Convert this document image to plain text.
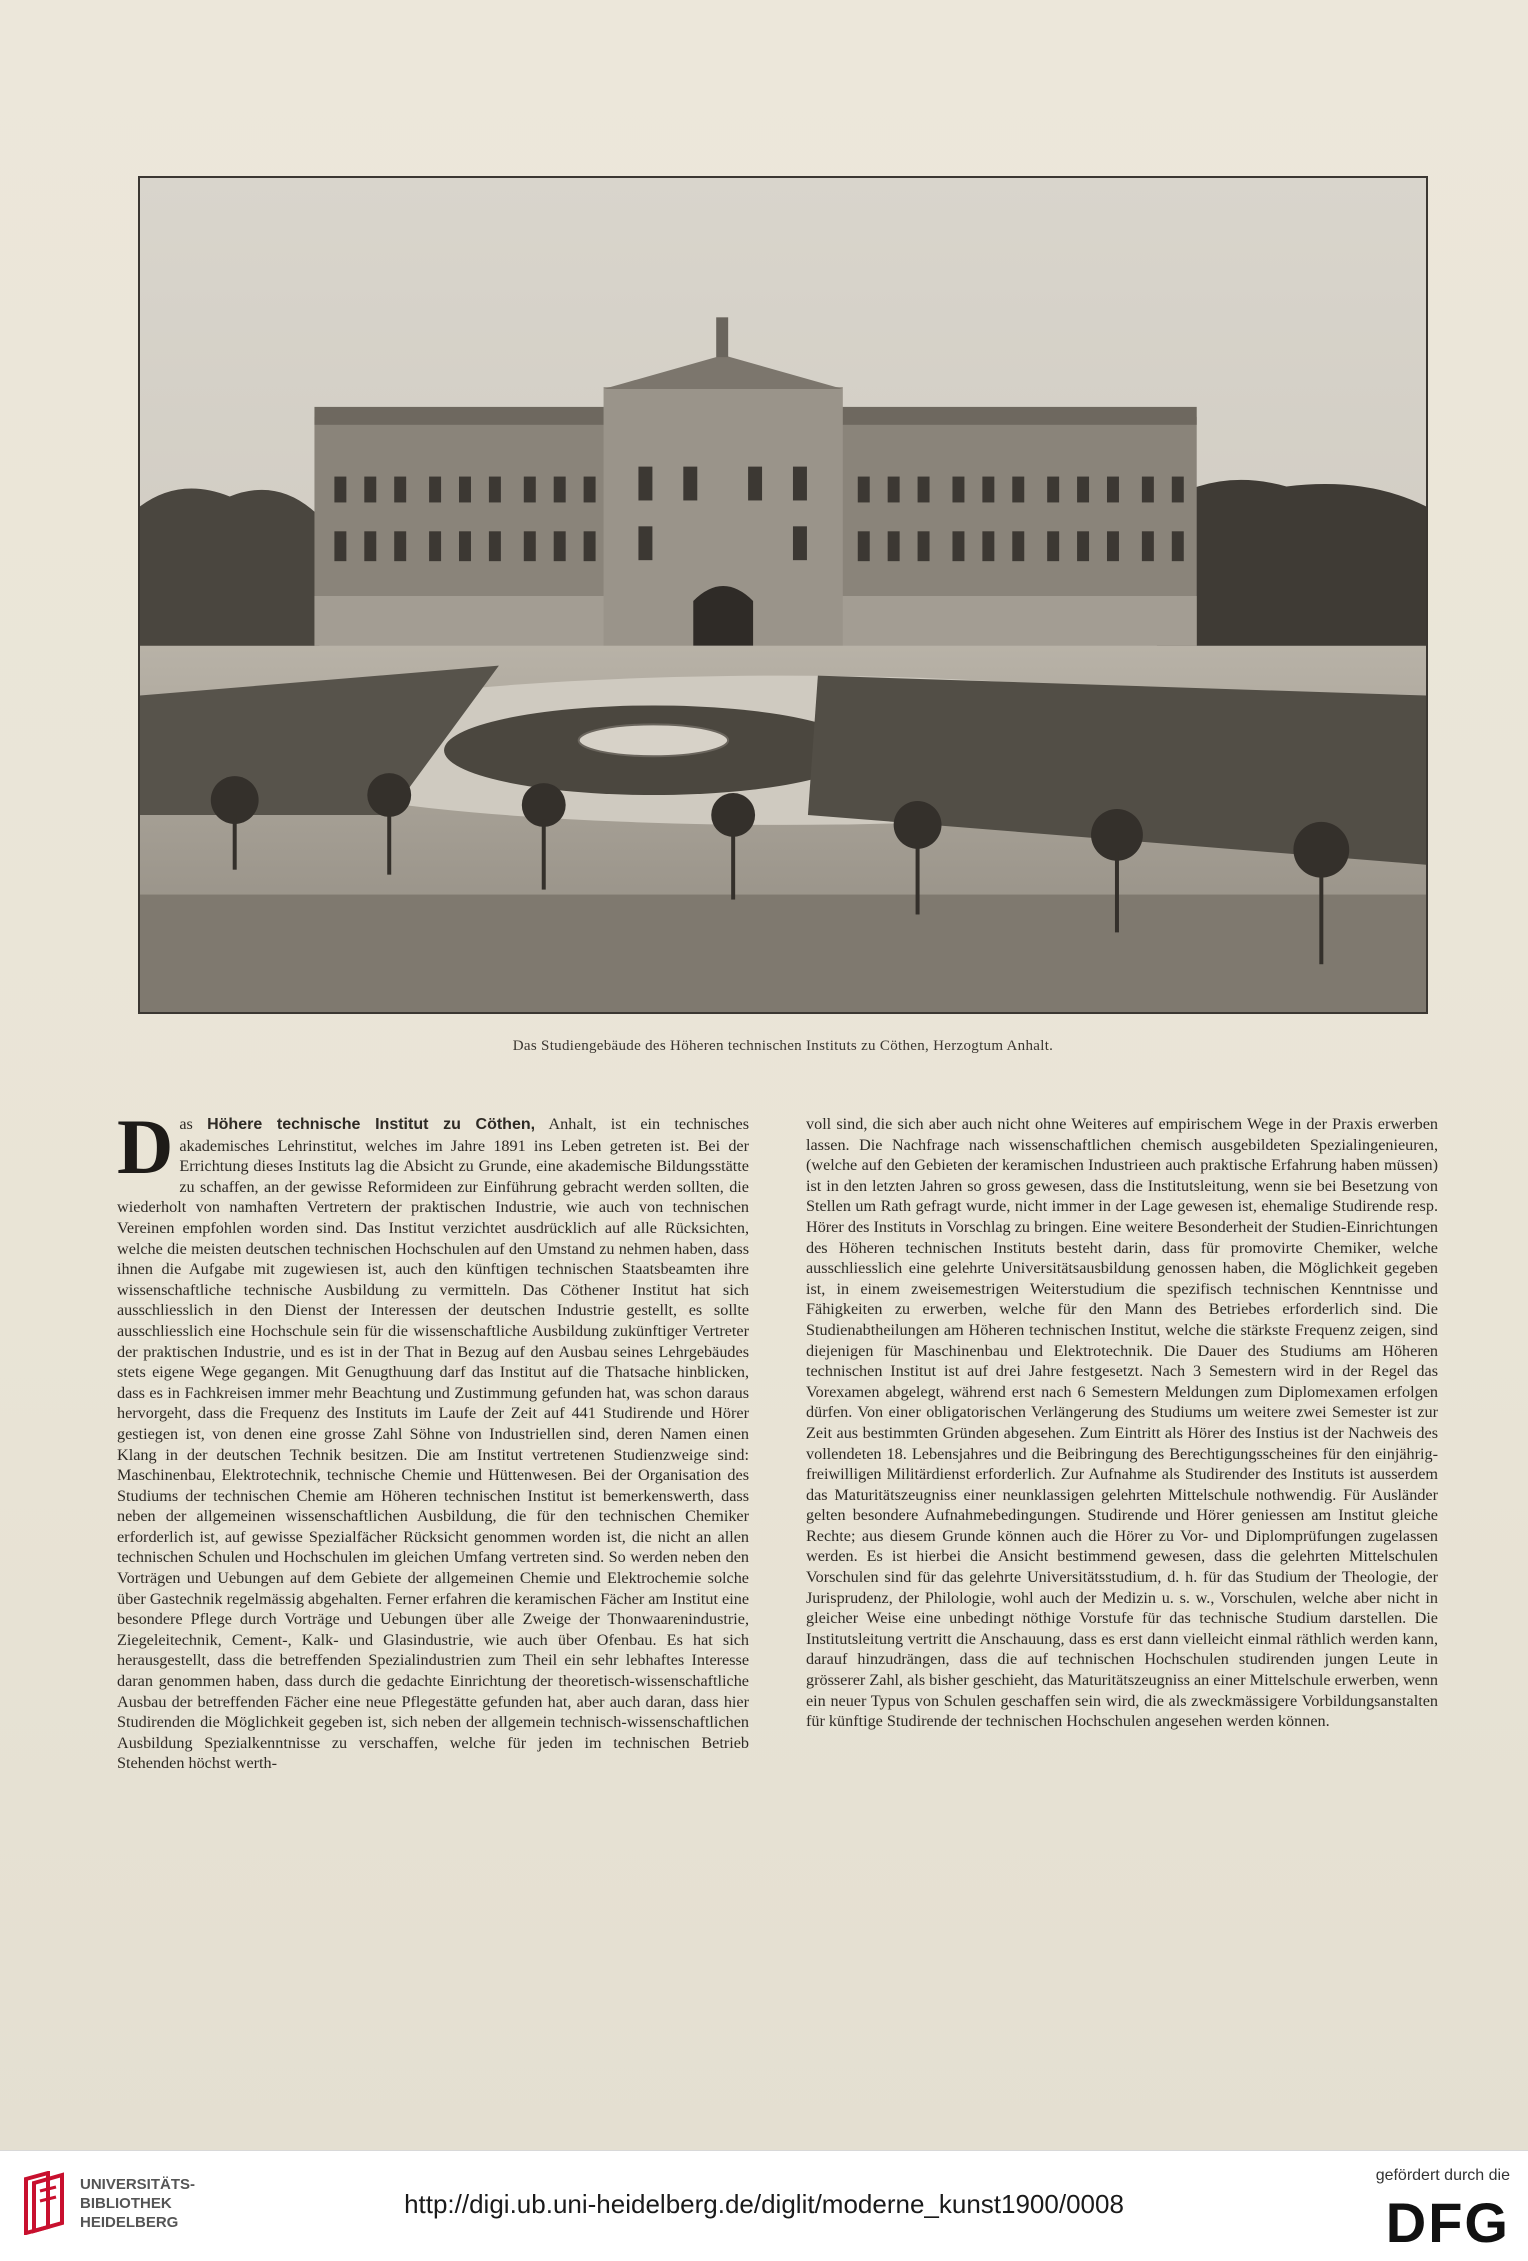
Das Studiengebäude des Höheren technischen Instituts zu Cöthen, Herzogtum Anhalt.

Das Höhere technische Institut zu Cöthen, Anhalt, ist ein technisches akademisches Lehrinstitut, welches im Jahre 1891 ins Leben getreten ist. Bei der Errichtung dieses Instituts lag die Absicht zu Grunde, eine akademische Bildungsstätte zu schaffen, an der gewisse Reformideen zur Einführung gebracht werden sollten, die wiederholt von namhaften Vertretern der praktischen Industrie, wie auch von technischen Vereinen empfohlen worden sind. Das Institut verzichtet ausdrücklich auf alle Rücksichten, welche die meisten deutschen technischen Hochschulen auf den Umstand zu nehmen haben, dass ihnen die Aufgabe mit zugewiesen ist, auch den künftigen technischen Staatsbeamten ihre wissenschaftliche technische Ausbildung zu vermitteln. Das Cöthener Institut hat sich ausschliesslich in den Dienst der Interessen der deutschen Industrie gestellt, es sollte ausschliesslich eine Hochschule sein für die wissenschaftliche Ausbildung zukünftiger Vertreter der praktischen Industrie, und es ist in der That in Bezug auf den Ausbau seines Lehrgebäudes stets eigene Wege gegangen. Mit Genugthuung darf das Institut auf die Thatsache hinblicken, dass es in Fachkreisen immer mehr Beachtung und Zustimmung gefunden hat, was schon daraus hervorgeht, dass die Frequenz des Instituts im Laufe der Zeit auf 441 Studirende und Hörer gestiegen ist, von denen eine grosse Zahl Söhne von Industriellen sind, deren Namen einen Klang in der deutschen Technik besitzen. Die am Institut vertretenen Studienzweige sind: Maschinenbau, Elektrotechnik, technische Chemie und Hüttenwesen. Bei der Organisation des Studiums der technischen Chemie am Höheren technischen Institut ist bemerkenswerth, dass neben der allgemeinen wissenschaftlichen Ausbildung, die für den technischen Chemiker erforderlich ist, auf gewisse Spezialfächer Rücksicht genommen worden ist, die nicht an allen technischen Schulen und Hochschulen im gleichen Umfang vertreten sind. So werden neben den Vorträgen und Uebungen auf dem Gebiete der allgemeinen Chemie und Elektrochemie solche über Gastechnik regelmässig abgehalten. Ferner erfahren die keramischen Fächer am Institut eine besondere Pflege durch Vorträge und Uebungen über alle Zweige der Thonwaarenindustrie, Ziegeleitechnik, Cement-, Kalk- und Glasindustrie, wie auch über Ofenbau. Es hat sich herausgestellt, dass die betreffenden Spezialindustrien zum Theil ein sehr lebhaftes Interesse daran genommen haben, dass durch die gedachte Einrichtung der theoretisch-wissenschaftliche Ausbau der betreffenden Fächer eine neue Pflegestätte gefunden hat, aber auch daran, dass hier Studirenden die Möglichkeit gegeben ist, sich neben der allgemein technisch-wissenschaftlichen Ausbildung Spezialkenntnisse zu verschaffen, welche für jeden im technischen Betrieb Stehenden höchst werth-

voll sind, die sich aber auch nicht ohne Weiteres auf empirischem Wege in der Praxis erwerben lassen. Die Nachfrage nach wissenschaftlichen chemisch ausgebildeten Spezialingenieuren, (welche auf den Gebieten der keramischen Industrieen auch praktische Erfahrung haben müssen) ist in den letzten Jahren so gross gewesen, dass die Institutsleitung, wenn sie bei Besetzung von Stellen um Rath gefragt wurde, nicht immer in der Lage gewesen ist, ehemalige Studirende resp. Hörer des Instituts in Vorschlag zu bringen. Eine weitere Besonderheit der Studien-Einrichtungen des Höheren technischen Instituts besteht darin, dass für promovirte Chemiker, welche ausschliesslich eine gelehrte Universitätsausbildung genossen haben, die Möglichkeit gegeben ist, in einem zweisemestrigen Weiterstudium die spezifisch technischen Kenntnisse und Fähigkeiten zu erwerben, welche für den Mann des Betriebes erforderlich sind. Die Studienabtheilungen am Höheren technischen Institut, welche die stärkste Frequenz zeigen, sind diejenigen für Maschinenbau und Elektrotechnik. Die Dauer des Studiums am Höheren technischen Institut ist auf drei Jahre festgesetzt. Nach 3 Semestern wird in der Regel das Vorexamen abgelegt, während erst nach 6 Semestern Meldungen zum Diplomexamen erfolgen dürfen. Von einer obligatorischen Verlängerung des Studiums um weitere zwei Semester ist zur Zeit aus bestimmten Gründen abgesehen. Zum Eintritt als Hörer des Instius ist der Nachweis des vollendeten 18. Lebensjahres und die Beibringung des Berechtigungsscheines für den einjährig-freiwilligen Militärdienst erforderlich. Zur Aufnahme als Studirender des Instituts ist ausserdem das Maturitätszeugniss einer neunklassigen gelehrten Mittelschule nothwendig. Für Ausländer gelten besondere Aufnahmebedingungen. Studirende und Hörer geniessen am Institut gleiche Rechte; aus diesem Grunde können auch die Hörer zu Vor- und Diplomprüfungen zugelassen werden. Es ist hierbei die Ansicht bestimmend gewesen, dass die gelehrten Mittelschulen Vorschulen sind für das gelehrte Universitätsstudium, d. h. für das Studium der Theologie, der Jurisprudenz, der Philologie, wohl auch der Medizin u. s. w., Vorschulen, welche aber nicht in gleicher Weise eine unbedingt nöthige Vorstufe für das technische Studium darstellen. Die Institutsleitung vertritt die Anschauung, dass es erst dann vielleicht einmal räthlich werden kann, darauf hinzudrängen, dass die auf technischen Hochschulen studirenden jungen Leute in grösserer Zahl, als bisher geschieht, das Maturitätszeugniss an einer Mittelschule erwerben, wenn ein neuer Typus von Schulen geschaffen sein wird, die als zweckmässigere Vorbildungsanstalten für künftige Studirende der technischen Hochschulen angesehen werden können.

UNIVERSITÄTS-
BIBLIOTHEK
HEIDELBERG
http://digi.ub.uni-heidelberg.de/diglit/moderne_kunst1900/0008
gefördert durch die
DFG
